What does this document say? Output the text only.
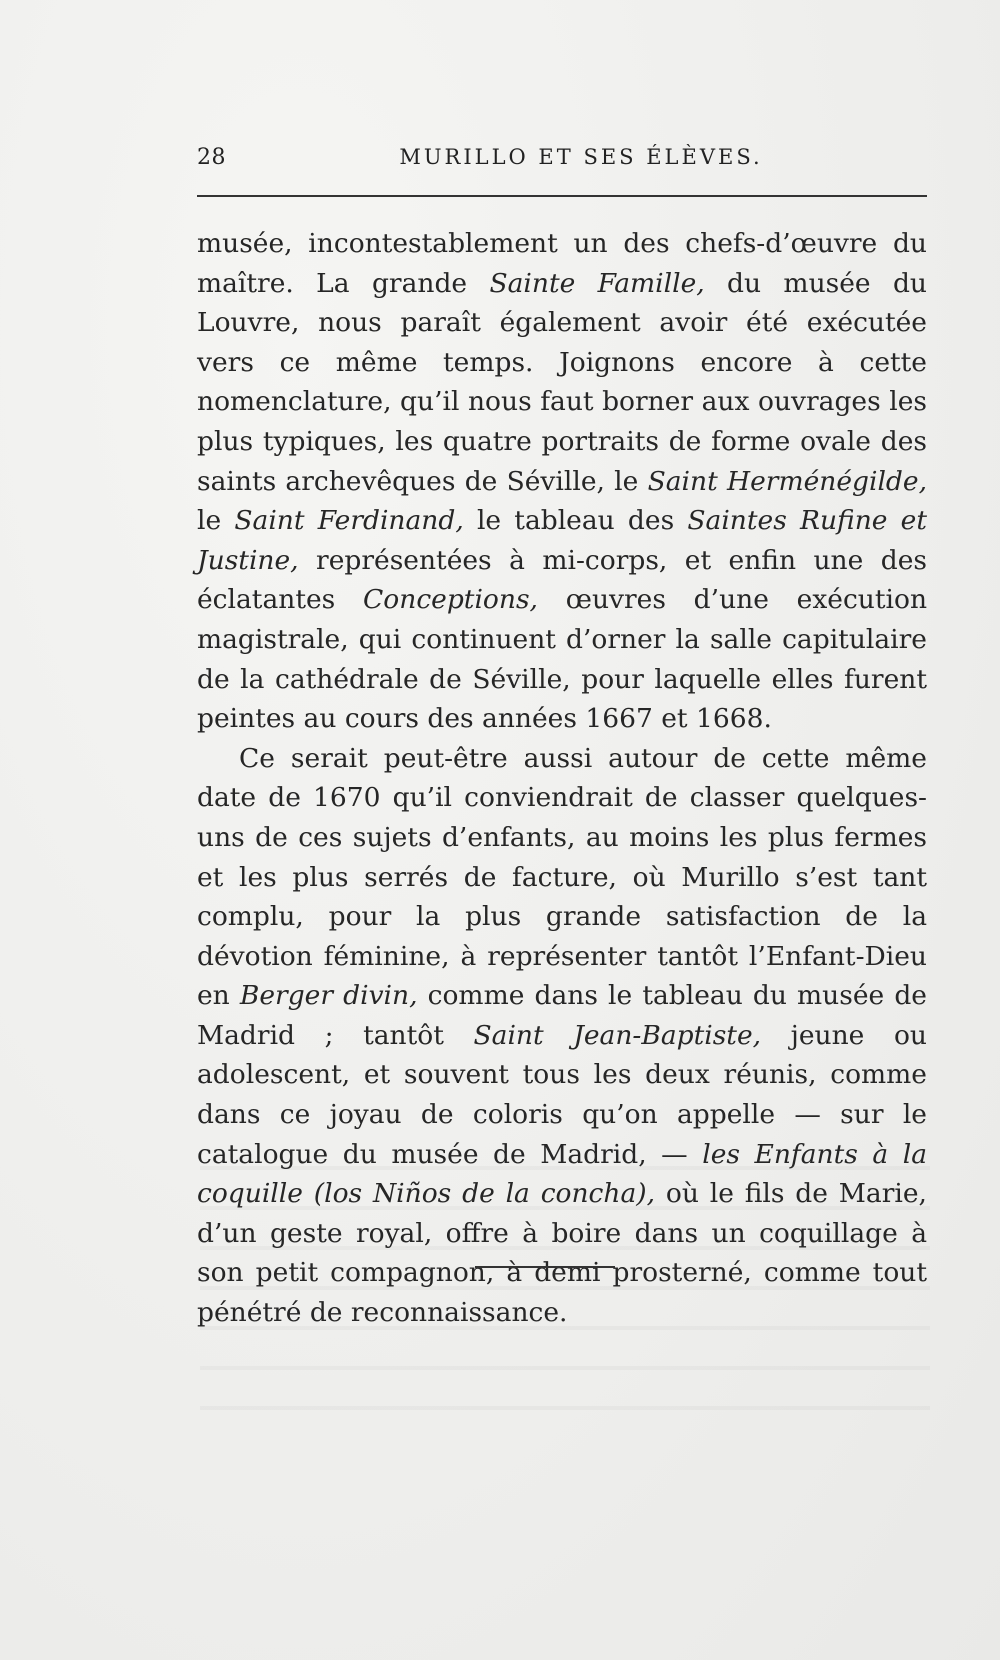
28	MURILLO ET SES ÉLÈVES.

musée, incontestablement un des chefs-d’œuvre du maître. La grande Sainte Famille, du musée du Louvre, nous paraît également avoir été exécutée vers ce même temps. Joignons encore à cette nomenclature, qu’il nous faut borner aux ouvrages les plus typiques, les quatre portraits de forme ovale des saints archevêques de Séville, le Saint Herménégilde, le Saint Ferdinand, le tableau des Saintes Rufine et Justine, représentées à mi-corps, et enfin une des éclatantes Conceptions, œuvres d’une exécution magistrale, qui continuent d’orner la salle capitulaire de la cathédrale de Séville, pour laquelle elles furent peintes au cours des années 1667 et 1668.

Ce serait peut-être aussi autour de cette même date de 1670 qu’il conviendrait de classer quelques-uns de ces sujets d’enfants, au moins les plus fermes et les plus serrés de facture, où Murillo s’est tant complu, pour la plus grande satisfaction de la dévotion féminine, à représenter tantôt l’Enfant-Dieu en Berger divin, comme dans le tableau du musée de Madrid ; tantôt Saint Jean-Baptiste, jeune ou adolescent, et souvent tous les deux réunis, comme dans ce joyau de coloris qu’on appelle — sur le catalogue du musée de Madrid, — les Enfants à la coquille (los Niños de la concha), où le fils de Marie, d’un geste royal, offre à boire dans un coquillage à son petit compagnon, à demi prosterné, comme tout pénétré de reconnaissance.
